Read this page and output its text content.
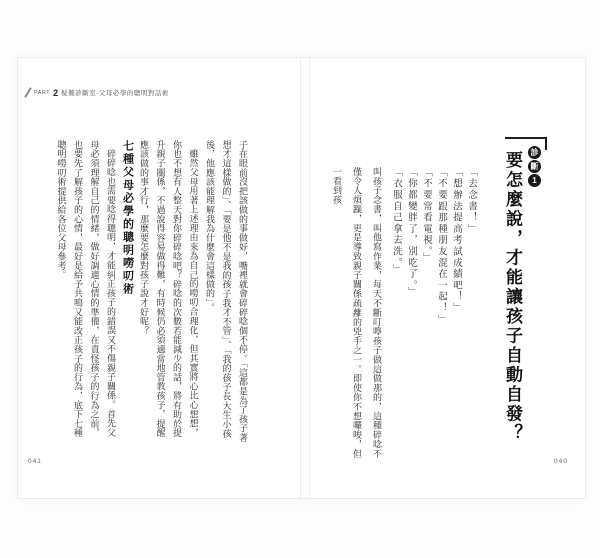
PART 2 疑難診斷室·父母必學的聰明對話術
診
斷
1
要怎麼說，才能讓孩子自動自發？
「去念書！」
「想辦法提高考試成績吧！」
「不要跟那種朋友混在一起！」
「不要常看電視。」
「你都變胖了，別吃了。」
「衣服自己拿去洗。」
叫孩子念書，叫他寫作業，每天不斷叮嚀孩子做這做那的，這種碎唸不僅令人煩躁，更是導致親子關係疏離的兇手之一。即使你不想囉唆，但一看到孩
040

子在眼前沒把該做的事做好，嘴裡就會碎碎唸個不停。「這都是為了孩子著想才這樣做的」、「要是他不是我的孩子我才不管」、「我的孩子長大生小孩後，他應該能理解我為什麼會這樣做的」。

雖然父母用著上述理由來為自己的嘮叨合理化，但其實將心比心想想，你也不想有人整天對你碎碎唸吧？碎唸的次數若能減少的話，將有助於提升親子關係，不過說得容易做得難，有時候仍必須適當地管教孩子，提醒應該做的事才行，那麼要怎麼對孩子說才好呢？

七種父母必學的聰明嘮叨術

碎碎唸也需要唸得聰明，才能糾正孩子的錯誤又不傷親子關係。首先父母必須理解自己的情緒，做好調適心情的準備，在責怪孩子的行為之前，也要先了解孩子的心情，最好是給予共鳴又能改正孩子的行為，底下七種聰明嘮叨術提供給各位父母參考。

041
